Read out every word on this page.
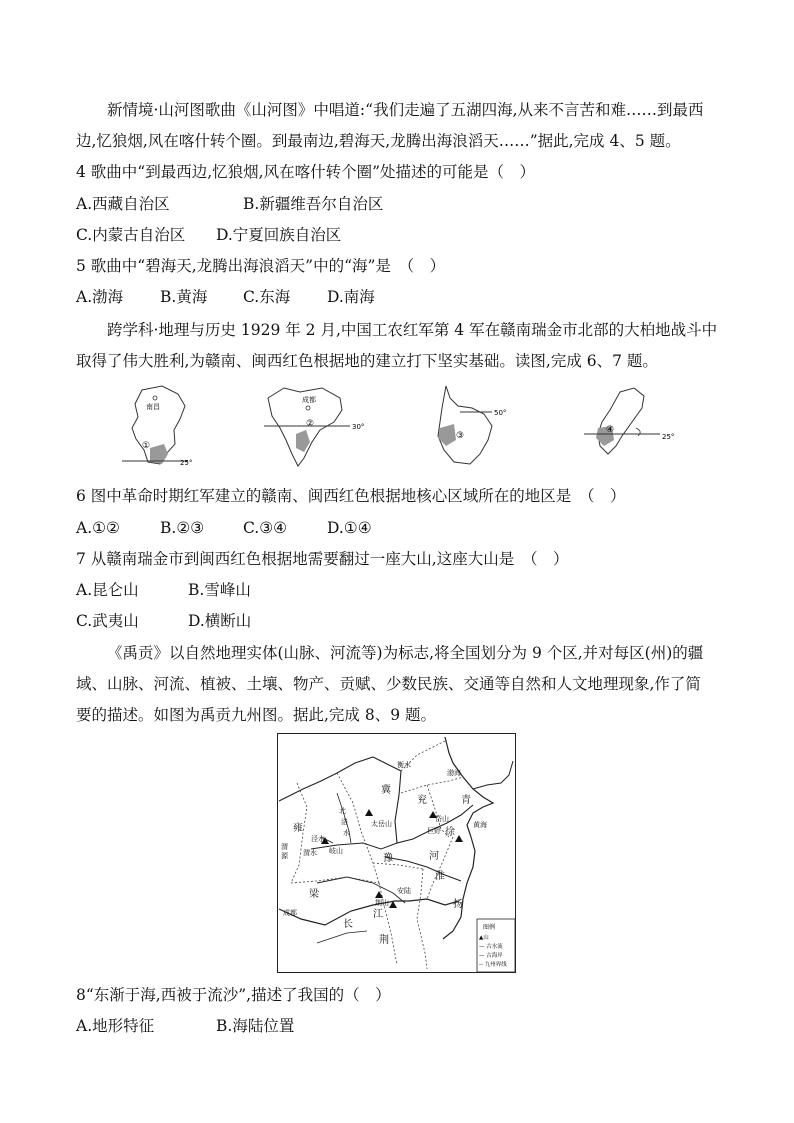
新情境·山河图歌曲《山河图》中唱道:“我们走遍了五湖四海,从来不言苦和难……到最西
边,忆狼烟,风在喀什转个圈。到最南边,碧海天,龙腾出海浪滔天……”据此,完成 4、5 题。
4 歌曲中“到最西边,忆狼烟,风在喀什转个圈”处描述的可能是（　）
A.西藏自治区	B.新疆维吾尔自治区
C.内蒙古自治区 D.宁夏回族自治区
5 歌曲中“碧海天,龙腾出海浪滔天”中的“海”是　（　）
A.渤海 B.黄海 C.东海 D.南海
跨学科·地理与历史 1929 年 2 月,中国工农红军第 4 军在赣南瑞金市北部的大柏地战斗中
取得了伟大胜利,为赣南、闽西红色根据地的建立打下坚实基础。读图,完成 6、7 题。
南昌
①
25°
成都
②	30°
50°
③
④
25°
6 图中革命时期红军建立的赣南、闽西红色根据地核心区域所在的地区是　（　）
A.①②	B.②③	C.③④	D.①④
7 从赣南瑞金市到闽西红色根据地需要翻过一座大山,这座大山是　（　）
A.昆仑山	B.雪峰山
C.武夷山	D.横断山
《禹贡》以自然地理实体(山脉、河流等)为标志,将全国划分为 9 个区,并对每区(州)的疆
域、山脉、河流、植被、土壤、物产、贡赋、少数民族、交通等自然和人文地理现象,作了简
要的描述。如图为禹贡九州图。据此,完成 8、9 题。
衡水
渤海
太岳山
北
洛
水
岱山
巨野
黄海
泾水
渭水 岐山
渭
源
荆山
安陆
成都
冀
兖	青
雍	徐
豫	河
淮
梁
扬
长
江
荆
图例
▲山
— 古水流
— 古海岸
-- 九州界线
8“东渐于海,西被于流沙”,描述了我国的（　）
A.地形特征	B.海陆位置
